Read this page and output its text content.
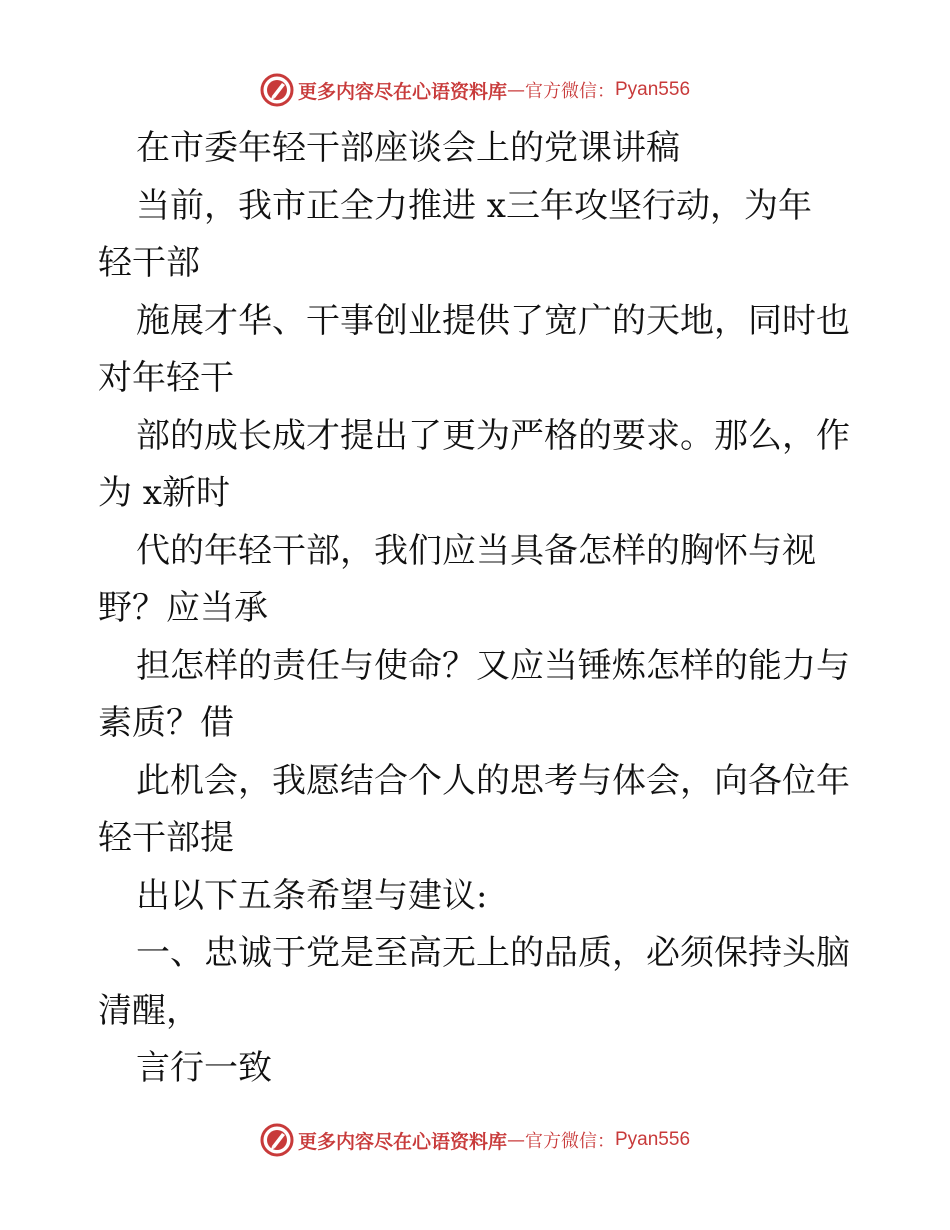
更多内容尽在心语资料库 — 官方微信： Pyan556
在市委年轻干部座谈会上的党课讲稿
当前，我市正全力推进 x三年攻坚行动，为年
轻干部
施展才华、干事创业提供了宽广的天地，同时也
对年轻干
部的成长成才提出了更为严格的要求。那么，作
为 x新时
代的年轻干部，我们应当具备怎样的胸怀与视
野？应当承
担怎样的责任与使命？又应当锤炼怎样的能力与
素质？借
此机会，我愿结合个人的思考与体会，向各位年
轻干部提
出以下五条希望与建议:
一、忠诚于党是至高无上的品质，必须保持头脑
清醒，
言行一致
更多内容尽在心语资料库 — 官方微信： Pyan556
